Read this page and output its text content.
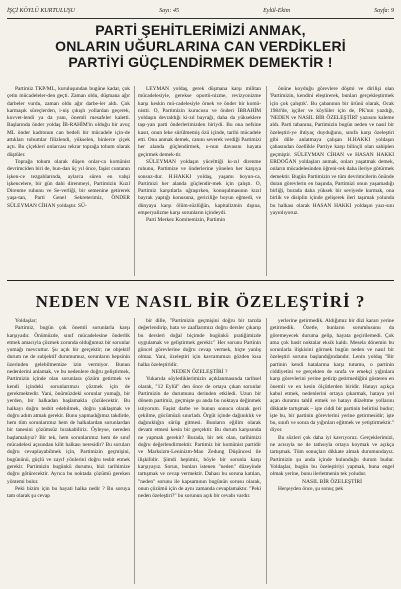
İŞÇİ KÖYLÜ KURTULUŞU	Sayı: 45	Eylül-Ekim	Sayfa: 9
PARTİ ŞEHİTLERİMİZİ ANMAK,
ONLARIN UĞURLARINA CAN VERDİKLERİ
PARTİYİ GÜÇLENDİRMEK DEMEKTİR !

Partimiz TKP/ML, kuruluşundan bugüne kadar, çok çetin mücadeleler-den geçti. Zaman oldu, düşmana ağır darbeler vurdu, zaman oldu ağır darbe-ler aldı. Çok karmaşık süreçlerden, i-niş çıkışlı yollardan geçerek, kuvvet-lendi ya da yanı, önemli mesafeler kaletti. Başlarında önder yoldaş İB-RAHİM'in olduğu bir avuç ML önder kadronun can bedeli bir mücadele için-de attıkları tohumlar filizlendi, yükselen, binlerce çiçek açtı. Bu çiçekleri onlarcası tekrar toprağa tohum olarak düştüler.

Toprağa tohum olarak düşen onlar-ca komünist devrimciden biri de, bun-dan üç yıl önce, faşist cuntanın işken-ce tezgahlarında, aylarca süren en vahşi işkencelere, bir gün dahi direnmeyi, Partimizin Kızıl Direnme ruhunu ve Se-verliği, bir semenine getirerek yaşa-tan, Parti Genel Sekreterimiz, ÖNDER SÜLEYMAN CİHAN yoldaştır. SÜ-

LEYMAN yoldaş, gerek düşmana karşı militan mücadelesiyle, gerekse oportü-nizme, revizyonizme karşı keskin mü-cadelesiyle örnek ve önder bir komü-nistti. O, Partimizin kurucusu ve önderi İBRAHİM yoldaşın devraldığı ki-zıl bayrağı, daha da yükseklere taşı-yan parti önderlerimizden biriydi. Bu ona nefsine kasıt, onun leke sürülmemiş özü içinde, tarihi mücadele etti. Onu anmak demek, canını severek verdiği Partimizi her alanda güçlendirmek, o-nun davasını hayata geçirmek demek-tir.

SÜLEYMAN yoldaşın yücelttiği kı-zıl direnme ruhunu, Partimize ve önderlerine yönelen her karşıya sonsuz-dur. H.HAKKI yoldaş, yaşamı boyun-ca, Partimizi her alanda güçlendir-mek için çalıştı. O, Partimiz karşıtlarla uğraşırken, konuşulmasının kızıl bayrak yaptığı konusuna, gericiliğe boyun eğmedi, ve dünyaya karşı ölüm-süzlüğün, kapitalizmin dışına, emperyalizme karşı sorunların içindeydi.

Parti Merkez Komitemizin, Partimin

önüne koyduğu görevlere döşmi ve dirilişi olan 'Partimizin, kendini eleştirerek, bunları gerçekleştirmek için çok çalıştık'. Bu çabanının bir ürünü olarak, Ocak 1984'de, işçiler ve köylüler için de, PK'nın yazdığı, 'NEDEN ve NASIL BİR ÖZELEŞTİRİ' yazısını kaleme aldı. Parti tabanına, Partimizin bugün neden ve nasıl bir özeleştiri-ye ihtiyaç duyduğunu, sınıfa karşı özeleştiri gibi dille anlatmaya çalışan H.HAKKI yoldaşın çabasından özellikle Partiye karşı bilinçli olan sahiplen geçmiştir. SÜLEYMAN CİHAN ve HASAN HAKKI ERDOĞAN yoldaşları anmak, onları yaşatmak demek, onların mücadelesinden öğreni-rek daha ileriye götürmek demektir. Bugün Partimizin ve tüm devrimcilerin önünde duran görevlerin en başında, Partimizi onun yaşamadığı birliği, burada daha yüksek bir seviyede kurmak, ona birlik ve disiplin içinde gelişerek ileri taşımak yolunda bu halkası olarak HASAN HAKKI yoldaşın yazı-sını yayınlıyoruz.

NEDEN VE NASIL BİR ÖZELEŞTİRİ ?

Yoldaşlar;

Partimiz, bugün çok önemli sorunlarla karşı karşıyadır. Önümüzde, sınıf mücadelesine önderlik etmek amacıyla çözmek zorunda olduğumuz bir sorunlar yumağı mevcuttur. Şu açık bir gerçektir; ne objektif durum ne de subjektif durumumuz, sorunların hepsinin üzerinden gelebilmemize izin vermiyor. Bunun nedenlerini anlamak, ve bu nedenlere doğru geliştirmek, Partimizin içinde olan sorunlara çözüm getirmek ve kendi içindeki sorunlarımızı çözmek için de gerekmektedir. Yani, önümüzdeki sorunlar yumağı, bir yerden, bir halkadan başlamakla çözülecektir. Bu halkayı doğru tesbit edebilmek, doğru yaklaşmak ve doğru adım atmak gerekir. Bunu yapmadığımız takdirde, hem tüm sorunlarımız hem de halkalardan sorunlardan bir tanesini çözümsüz bırakabiliriz. Öyleyse, nereden başlamalıyız? Bir tek, hem sorunlarımız hem de sınıf mücadelesi açısından kilit halkası neresidir? Bu soruları doğru cevaplayabilmek için, Partimizin geçmişini, bugününü, güçlü ve zayıf yönlerini doğru tesbit etmek gerekir. Partimizin bugünkü durumu, bizi tarihimize doğru götürecektir. Ayrıca bu noktada çözümü gereken yöntemi bulur.

Peki bizim için bu hayati halka nedir ? Bu soruya tam olarak şu cevap

bir dille, "Partimizin geçmişini doğru bir tarzda değerlendirip, hata ve zaaflarımızı doğru dersler çıkarıp bu dersleri doğal biçimde bugünkü pratiğimizde uygulamak ve geliştirmek gerekir." Her sorunu Partinin güncel görevlerine doğru cevap vermek, hiçte yanlış olmaz. Yani, özeleştiri için kavramımızı gözden kısa halka özeleştiridir.

NEDEN ÖZELEŞTİRİ ?

Yukarıda söylediklerimizin açıklanmasında tarihsel olarak, "12 Eylül" den önce de ortaya çıkan sorunlar Partimizin de durumunu derinden etkiledi. Uzun bir dönem partimiz, geçmişte şu anda bu noktaya değinmek istiyorum. Faşist darbe ve bunun sonucu olarak geri çekilme, gücümüzü sınırladı. Örgüt içinde dağınıklık ve dağınıklığın sürüp gitmesi. Bunların eğilim olarak devam etmesi kesin bir gerçektir. Bu durum karşısında ne yapmak gerekir? Burada, bir tek olan, tarihimizi doğru değerlendirmektir. Partimiz bir komünist partidir ve Marksizm-Leninizm-Mao Zedung Düşüncesi ile ilişkilidir. Şimdi hepimiz, böyle bir sorunla karşı karşıyayız. Sorun, bunları istenen "neden" düzeyinde tartışmak ve cevap vermektir. Dahası bu soruna katılan, "neden" sorunu ile kapsamının bugünün sorusu olarak, onun çözümü için de aynı zamanda cevaplamaktır. "Peki neden özeleştiri?" bu sorunun açık bir cevabı vardır.

yerlerine getirmedik. Aldığımız bir dizi kararı yerine getirmedik. Özetle, bunların sorumlusunu da göremeyecek duruma gelip, hayata geçirilemedi. Çok ama çok basit noktalar eksik kaldı. Mesela dönemin bu sorunlarla ilişkisini görmek bugün neden ve nasıl bir özeleştiri sorunu başlandığındandır. Lenin yoldaş "Bir partinin kendi hatalarına karşı tutumu, o partinin ciddiyetini ve gerçekten de sınıfa ve emekçi yığınlara karşı görevlerini yerine getirip getirmediğini gösteren en önemli ve en kesin ölçütlerden biridir. Hatayı açıkça kabul etmek, nedenlerini ortaya çıkarmak, hataya yol açan durumu tahlil etmek ve hatayı düzeltme yollarını dikkatle tartışmak – işte ciddi bir partinin belirtisi budur; işte bu, bir partinin görevlerini yerine getirmesidir; işte bu, sınıfı ve sonra da yığınları eğitmek ve yetiştirmektir." diyor.

Bu sözleri çok daha iyi kavrıyoruz. Gerçeklerimizi, ne acısıyla ne de tatlısıyla ortaya koymak ve açıkça tartışmak. Tüm sonuçları dikkate almak durumundayız. Partimizin şu anda içinde bulunduğu durum budur. Yoldaşlar, bugün bu özeleştiriyi yapmak, buna engel olmak yerine, bunu ilerletmenin tek yoludur.

NASIL BİR ÖZELEŞTİRİ

Herşeyden önce, şu sonuç pek
